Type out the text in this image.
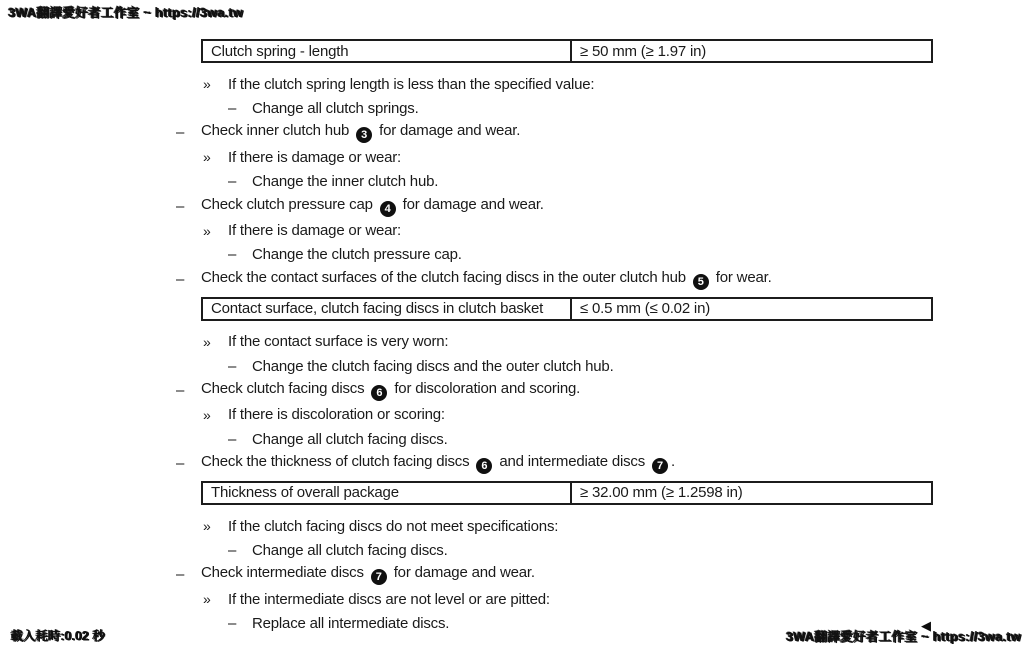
3WA翻譯愛好者工作室 ~ https://3wa.tw
Clutch spring - length	≥ 50 mm (≥ 1.97 in)
»	If the clutch spring length is less than the specified value:
–	Change all clutch springs.
–	Check inner clutch hub 3 for damage and wear.
»	If there is damage or wear:
–	Change the inner clutch hub.
–	Check clutch pressure cap 4 for damage and wear.
»	If there is damage or wear:
–	Change the clutch pressure cap.
–	Check the contact surfaces of the clutch facing discs in the outer clutch hub 5 for wear.
Contact surface, clutch facing discs in clutch basket	≤ 0.5 mm (≤ 0.02 in)
»	If the contact surface is very worn:
–	Change the clutch facing discs and the outer clutch hub.
–	Check clutch facing discs 6 for discoloration and scoring.
»	If there is discoloration or scoring:
–	Change all clutch facing discs.
–	Check the thickness of clutch facing discs 6 and intermediate discs 7 .
Thickness of overall package	≥ 32.00 mm (≥ 1.2598 in)
»	If the clutch facing discs do not meet specifications:
–	Change all clutch facing discs.
–	Check intermediate discs 7 for damage and wear.
»	If the intermediate discs are not level or are pitted:
–	Replace all intermediate discs.	◀
載入耗時:0.02 秒	3WA翻譯愛好者工作室 ~ https://3wa.tw
